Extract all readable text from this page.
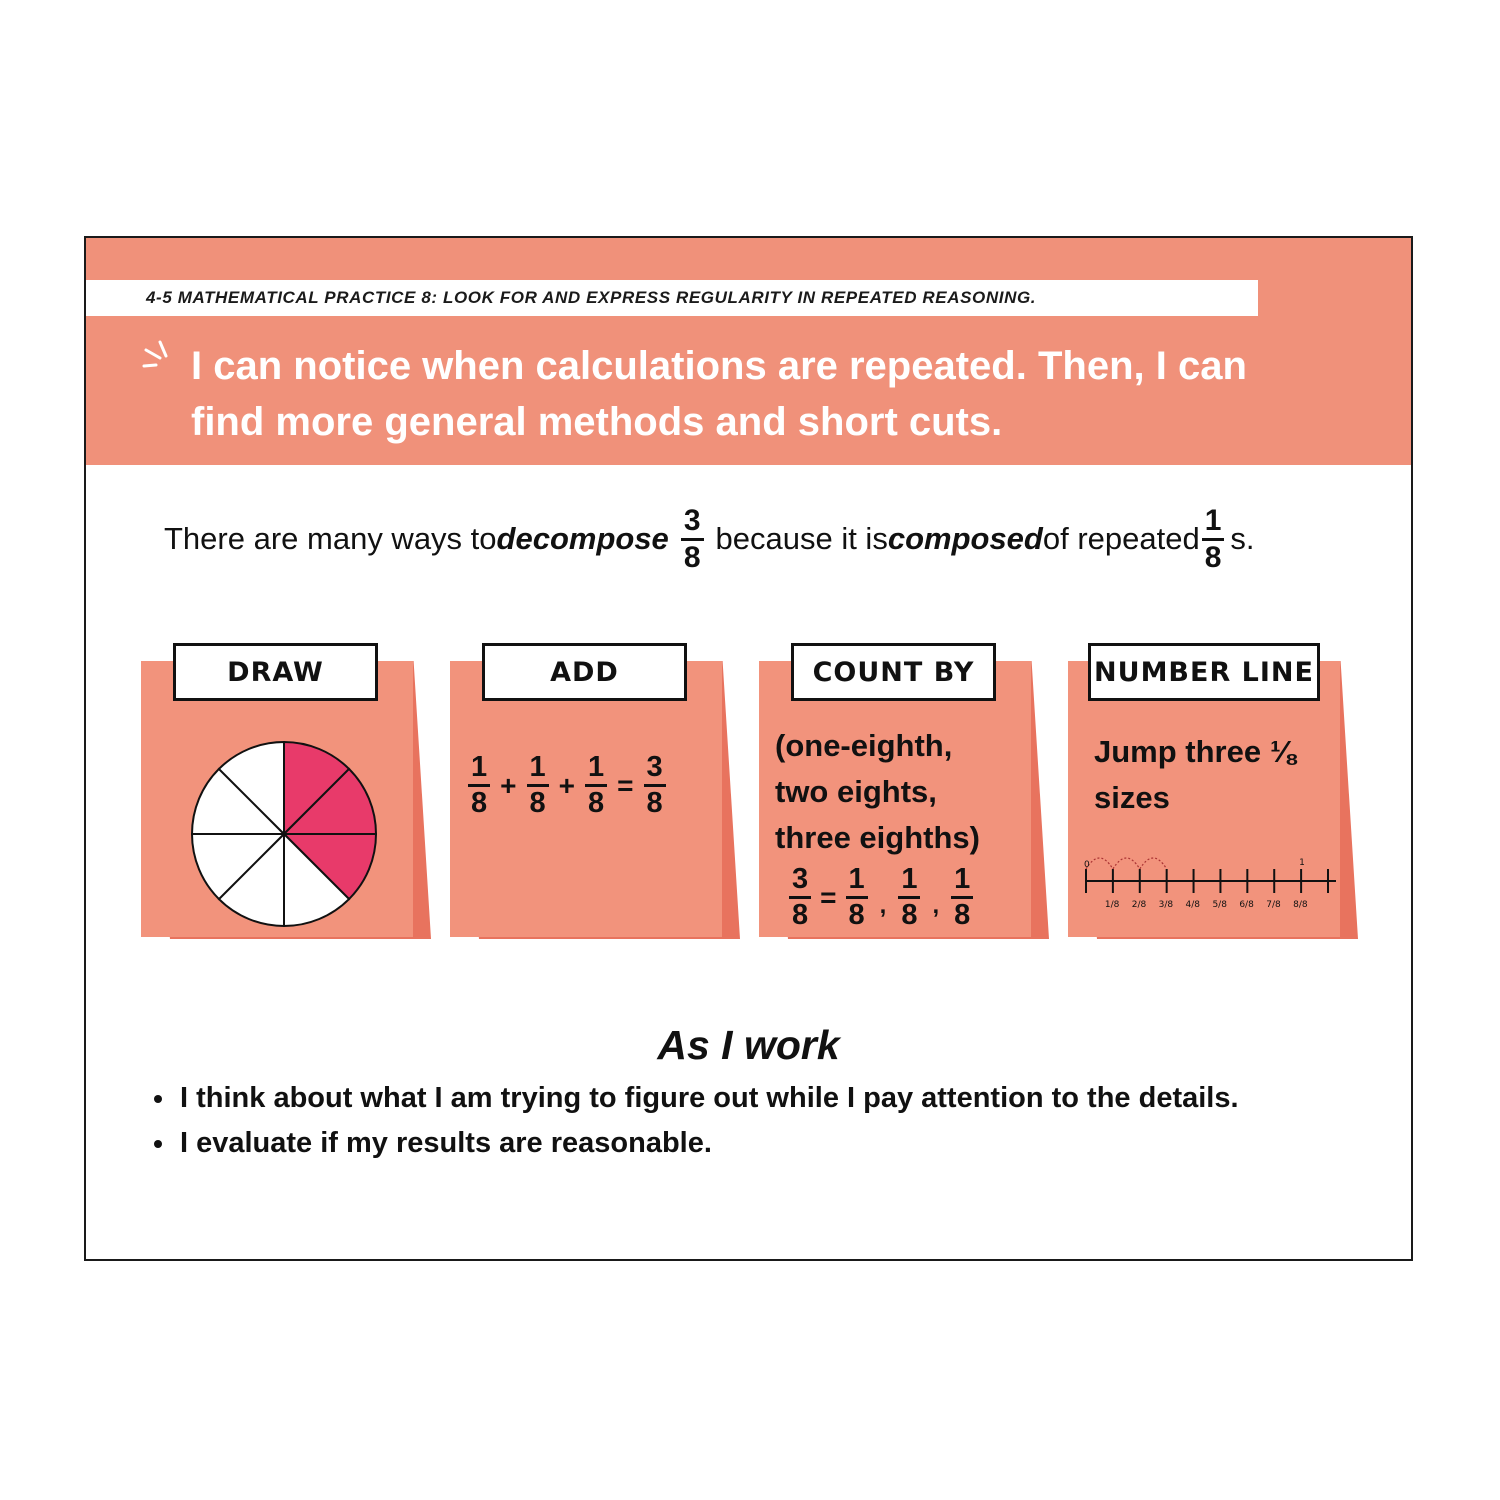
4-5 MATHEMATICAL PRACTICE 8: LOOK FOR AND EXPRESS REGULARITY IN REPEATED REASONING.
I can notice when calculations are repeated. Then, I can
find more general methods and short cuts.
There are many ways to decompose $\frac{3}{8}$ because it is composed of repeated $\frac{1}{8} s$.
DRAW
$\frac{1}{8} + \frac{1}{8} + \frac{1}{8} = \frac{3}{8}$
ADD
(one-eighth,
two eights,
three eighths)
$\frac{3}{8} = \frac{1}{8}$ , $\frac{1}{8}$ , $\frac{1}{8}$
COUNT BY
Jump three ⅛
sizes
0	1
1/8 2/8 3/8 4/8 5/8 6/8 7/8 8/8
NUMBER LINE
As I work
I think about what I am trying to figure out while I pay attention to the details.
I evaluate if my results are reasonable.
